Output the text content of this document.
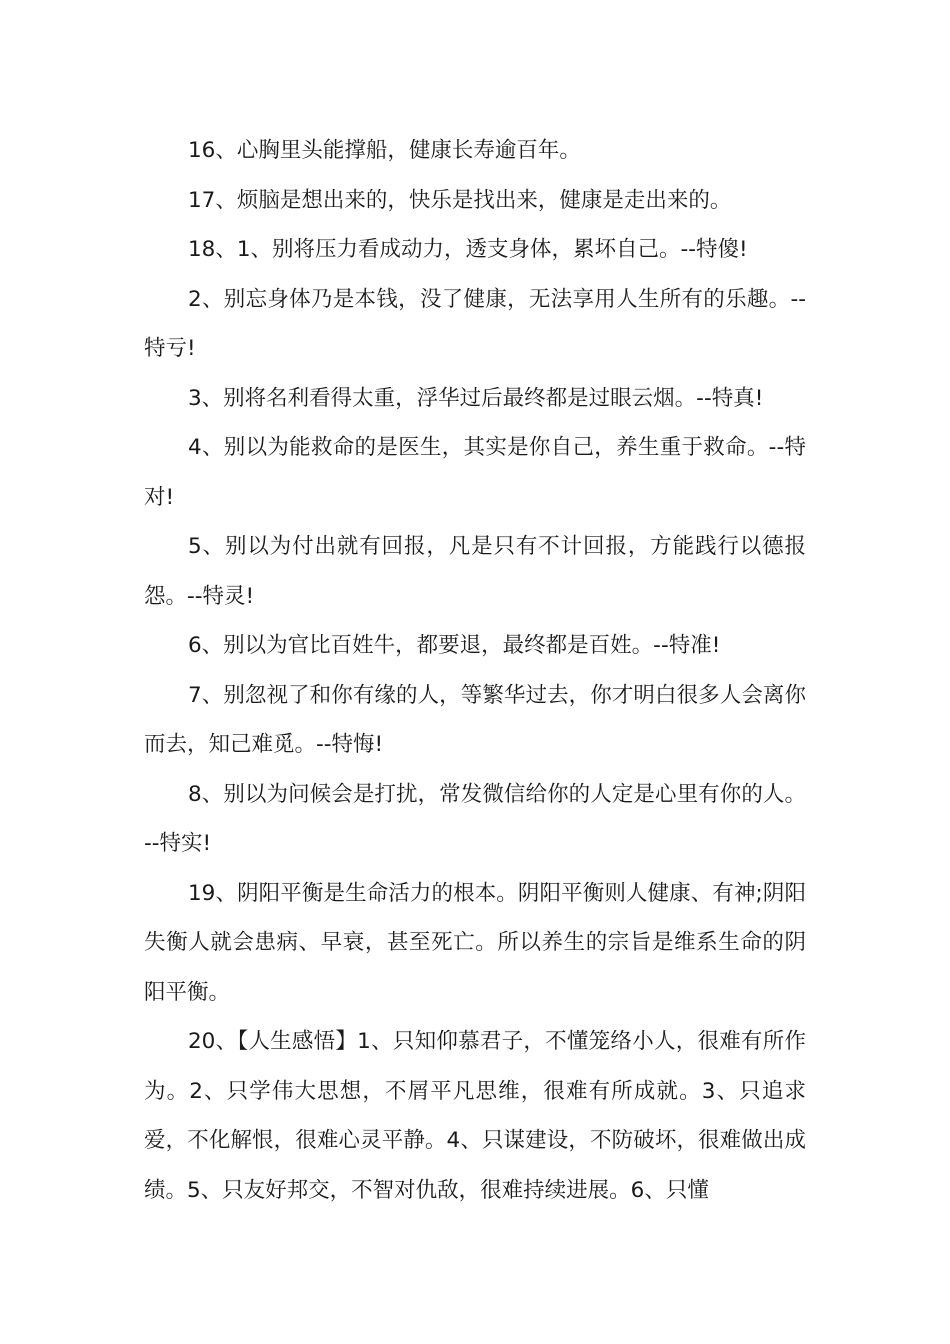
16、心胸里头能撑船，健康长寿逾百年。

17、烦脑是想出来的，快乐是找出来，健康是走出来的。

18、1、别将压力看成动力，透支身体，累坏自己。--特傻!

2、别忘身体乃是本钱，没了健康，无法享用人生所有的乐趣。--特亏!

3、别将名利看得太重，浮华过后最终都是过眼云烟。--特真!

4、别以为能救命的是医生，其实是你自己，养生重于救命。--特对!

5、别以为付出就有回报，凡是只有不计回报，方能践行以德报怨。--特灵!

6、别以为官比百姓牛，都要退，最终都是百姓。--特准!

7、别忽视了和你有缘的人，等繁华过去，你才明白很多人会离你而去，知己难觅。--特悔!

8、别以为问候会是打扰，常发微信给你的人定是心里有你的人。--特实!

19、阴阳平衡是生命活力的根本。阴阳平衡则人健康、有神;阴阳失衡人就会患病、早衰，甚至死亡。所以养生的宗旨是维系生命的阴阳平衡。

20、【人生感悟】1、只知仰慕君子，不懂笼络小人，很难有所作为。2、只学伟大思想，不屑平凡思维，很难有所成就。3、只追求爱，不化解恨，很难心灵平静。4、只谋建设，不防破坏，很难做出成绩。5、只友好邦交，不智对仇敌，很难持续进展。6、只懂
